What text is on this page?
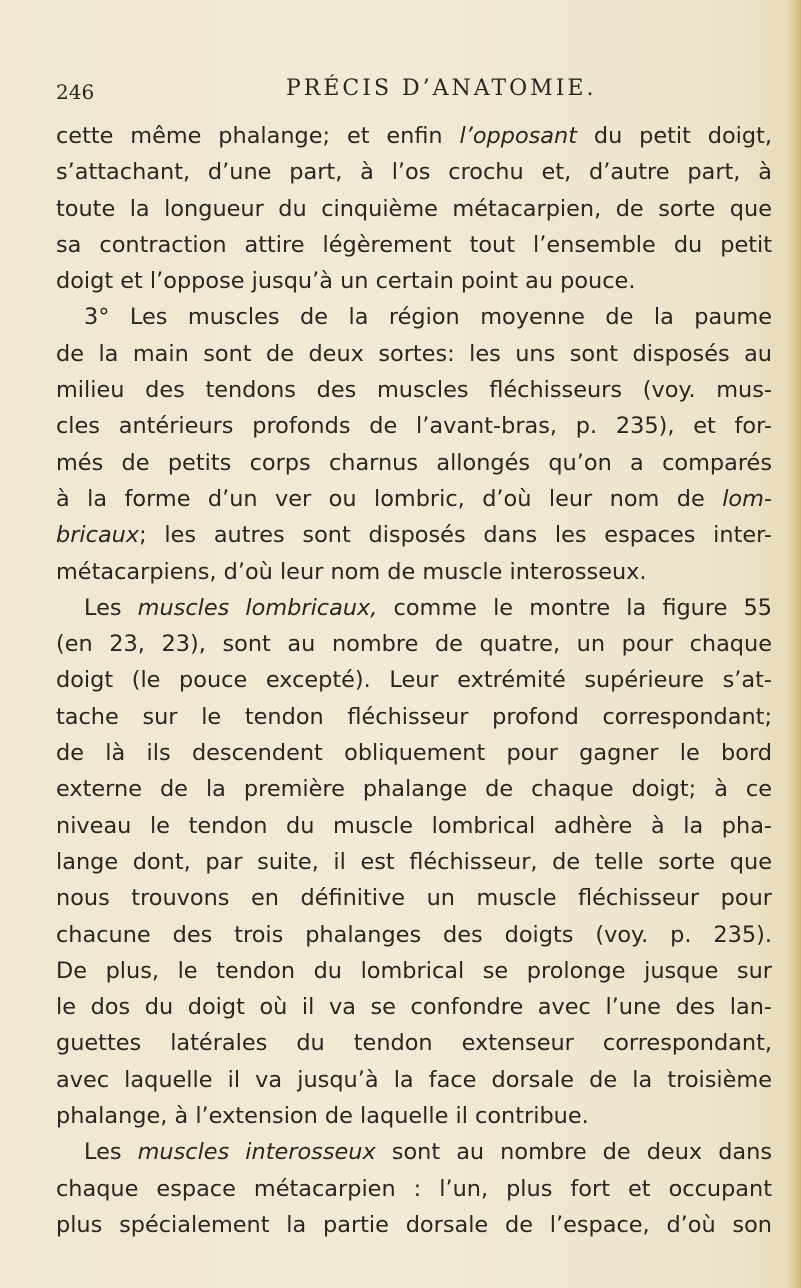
246	PRÉCIS D’ANATOMIE.
cette même phalange; et enfin l’opposant du petit doigt,
s’attachant, d’une part, à l’os crochu et, d’autre part, à
toute la longueur du cinquième métacarpien, de sorte que
sa contraction attire légèrement tout l’ensemble du petit
doigt et l’oppose jusqu’à un certain point au pouce.
3° Les muscles de la région moyenne de la paume
de la main sont de deux sortes: les uns sont disposés au
milieu des tendons des muscles fléchisseurs (voy. mus-
cles antérieurs profonds de l’avant-bras, p. 235), et for-
més de petits corps charnus allongés qu’on a comparés
à la forme d’un ver ou lombric, d’où leur nom de lom-
bricaux; les autres sont disposés dans les espaces inter-
métacarpiens, d’où leur nom de muscle interosseux.
Les muscles lombricaux, comme le montre la figure 55
(en 23, 23), sont au nombre de quatre, un pour chaque
doigt (le pouce excepté). Leur extrémité supérieure s’at-
tache sur le tendon fléchisseur profond correspondant;
de là ils descendent obliquement pour gagner le bord
externe de la première phalange de chaque doigt; à ce
niveau le tendon du muscle lombrical adhère à la pha-
lange dont, par suite, il est fléchisseur, de telle sorte que
nous trouvons en définitive un muscle fléchisseur pour
chacune des trois phalanges des doigts (voy. p. 235).
De plus, le tendon du lombrical se prolonge jusque sur
le dos du doigt où il va se confondre avec l’une des lan-
guettes latérales du tendon extenseur correspondant,
avec laquelle il va jusqu’à la face dorsale de la troisième
phalange, à l’extension de laquelle il contribue.
Les muscles interosseux sont au nombre de deux dans
chaque espace métacarpien : l’un, plus fort et occupant
plus spécialement la partie dorsale de l’espace, d’où son
